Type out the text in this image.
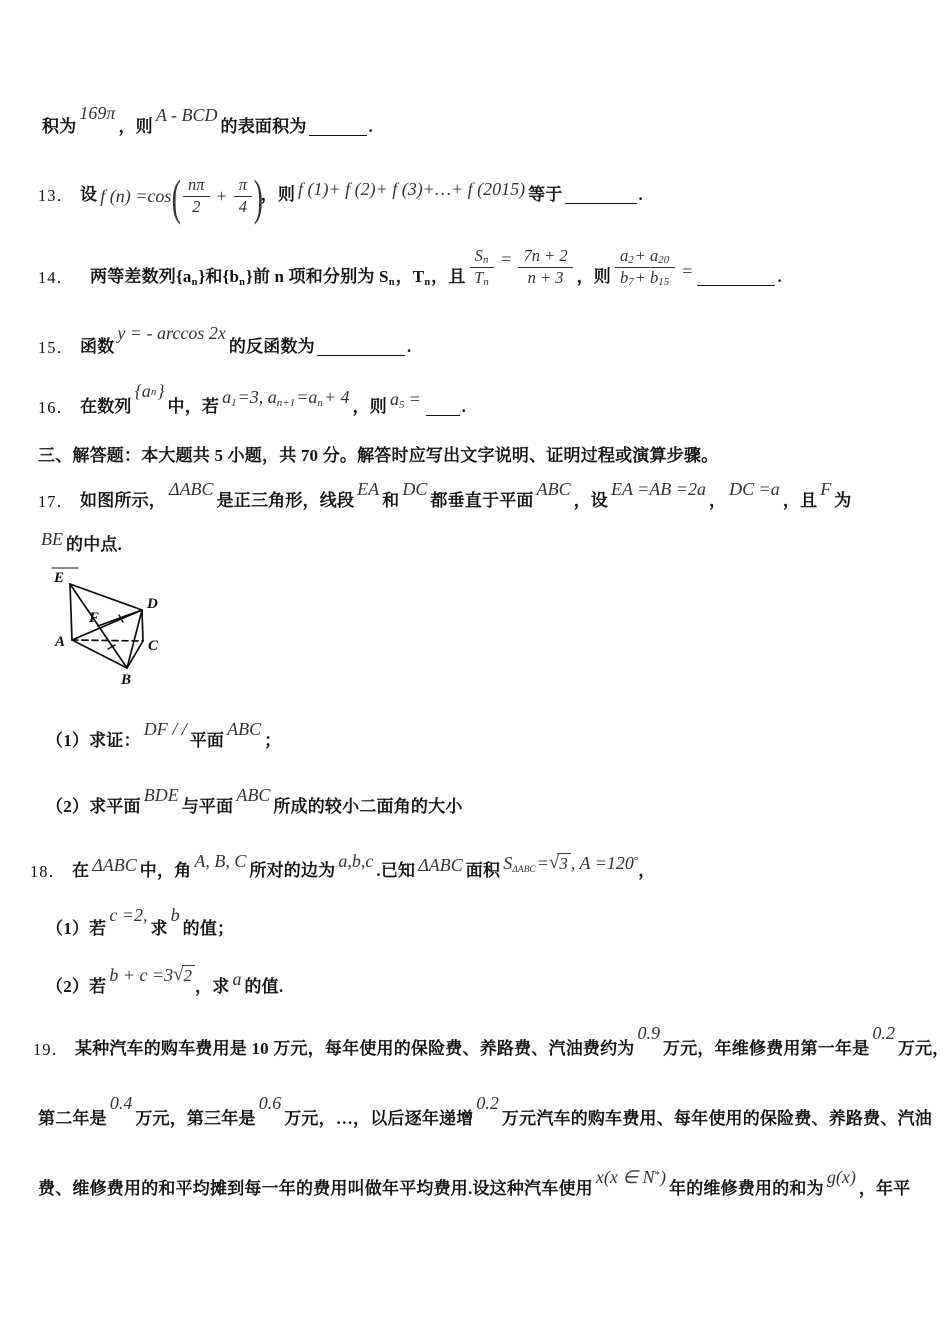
积为
169π
，则
A - BCD
的表面积为	.
13． 设 f (n) =cos ( $\frac{n\pi}{2} + \frac{\pi}{4}$ )
，则 f (1)+ f (2)+ f (3)+…+ f (2015) 等于	.
14． 两等差数列{$a_n$ }和{$b_n$ }前 n 项和分别为 $S_n$ ，$T_n$ ，且 $\frac{S_n}{T_n} = \frac{7n + 2}{n + 3}$ ，则 $\frac{a_2 + a_{20}}{b_7 + b_{15}}$ =	.
15． 函数
y = - arccos 2x
的反函数为	.
16． 在数列
{a n }
中，若 $a_1 =3$, $a_{n+1} =a_n + 4$ ，则 $a_5$ = .
三、解答题：本大题共 5 小题，共 70 分。解答时应写出文字说明、证明过程或演算步骤。
17． 如图所示，
ΔABC
是正三角形，线段
EA
和
DC
都垂直于平面
ABC
，设
EA =AB =2a
，
DC =a
，且
F
为
BE 的中点.
E
D
F
A	C
B
（1） 求证：
DF / /
平面
ABC
；
（2） 求平面
BDE
与平面
ABC
所成的较小二面角的大小
18． 在 ΔABC 中，角 A, B, C 所对的边为 a,b,c .已知 ΔABC 面积 $S_{\Delta ABC}$ = √ 3 , A =120 °
，
（1） 若
c =2,
求
b
的值；
（2） 若
b + c =3 √ 2
，求 a 的值.
19． 某种汽车的购车费用是 10 万元，每年使用的保险费、养路费、汽油费约为
0.9
万元，年维修费用第一年是
0.2
万元，
第二年是
0.4
万元，第三年是
0.6
万元，…，以后逐年递增
0.2
万元汽车的购车费用、每年使用的保险费、养路费、汽油
费、维修费用的和平均摊到每一年的费用叫做年平均费用.设这种汽车使用
x(x ∈ N * )
年的维修费用的和为
g(x)
，年平
